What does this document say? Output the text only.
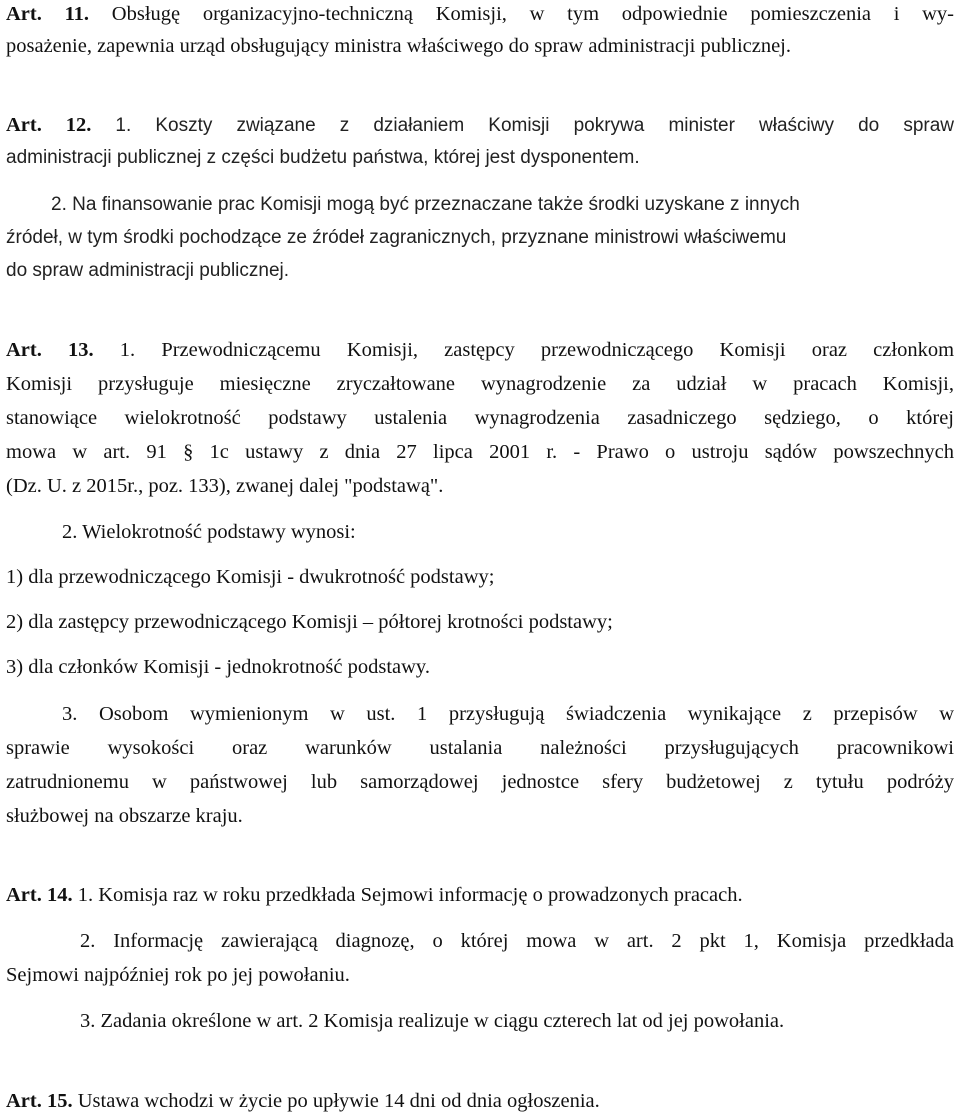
Art. 11. Obsługę organizacyjno-techniczną Komisji, w tym odpowiednie pomieszczenia i wy-
posażenie, zapewnia urząd obsługujący ministra właściwego do spraw administracji publicznej.
Art. 12. 1. Koszty związane z działaniem Komisji pokrywa minister właściwy do spraw
administracji publicznej z części budżetu państwa, której jest dysponentem.
2. Na finansowanie prac Komisji mogą być przeznaczane także środki uzyskane z innych
źródeł, w tym środki pochodzące ze źródeł zagranicznych, przyznane ministrowi właściwemu
do spraw administracji publicznej.
Art. 13. 1. Przewodniczącemu Komisji, zastępcy przewodniczącego Komisji oraz członkom
Komisji przysługuje miesięczne zryczałtowane wynagrodzenie za udział w pracach Komisji,
stanowiące wielokrotność podstawy ustalenia wynagrodzenia zasadniczego sędziego, o której
mowa w art. 91 § 1c ustawy z dnia 27 lipca 2001 r. - Prawo o ustroju sądów powszechnych
(Dz. U. z 2015r., poz. 133), zwanej dalej "podstawą".
2. Wielokrotność podstawy wynosi:
1) dla przewodniczącego Komisji - dwukrotność podstawy;
2) dla zastępcy przewodniczącego Komisji – półtorej krotności podstawy;
3) dla członków Komisji - jednokrotność podstawy.
3. Osobom wymienionym w ust. 1 przysługują świadczenia wynikające z przepisów w
sprawie wysokości oraz warunków ustalania należności przysługujących pracownikowi
zatrudnionemu w państwowej lub samorządowej jednostce sfery budżetowej z tytułu podróży
służbowej na obszarze kraju.
Art. 14. 1. Komisja raz w roku przedkłada Sejmowi informację o prowadzonych pracach.
2. Informację zawierającą diagnozę, o której mowa w art. 2 pkt 1, Komisja przedkłada
Sejmowi najpóźniej rok po jej powołaniu.
3. Zadania określone w art. 2 Komisja realizuje w ciągu czterech lat od jej powołania.
Art. 15. Ustawa wchodzi w życie po upływie 14 dni od dnia ogłoszenia.
